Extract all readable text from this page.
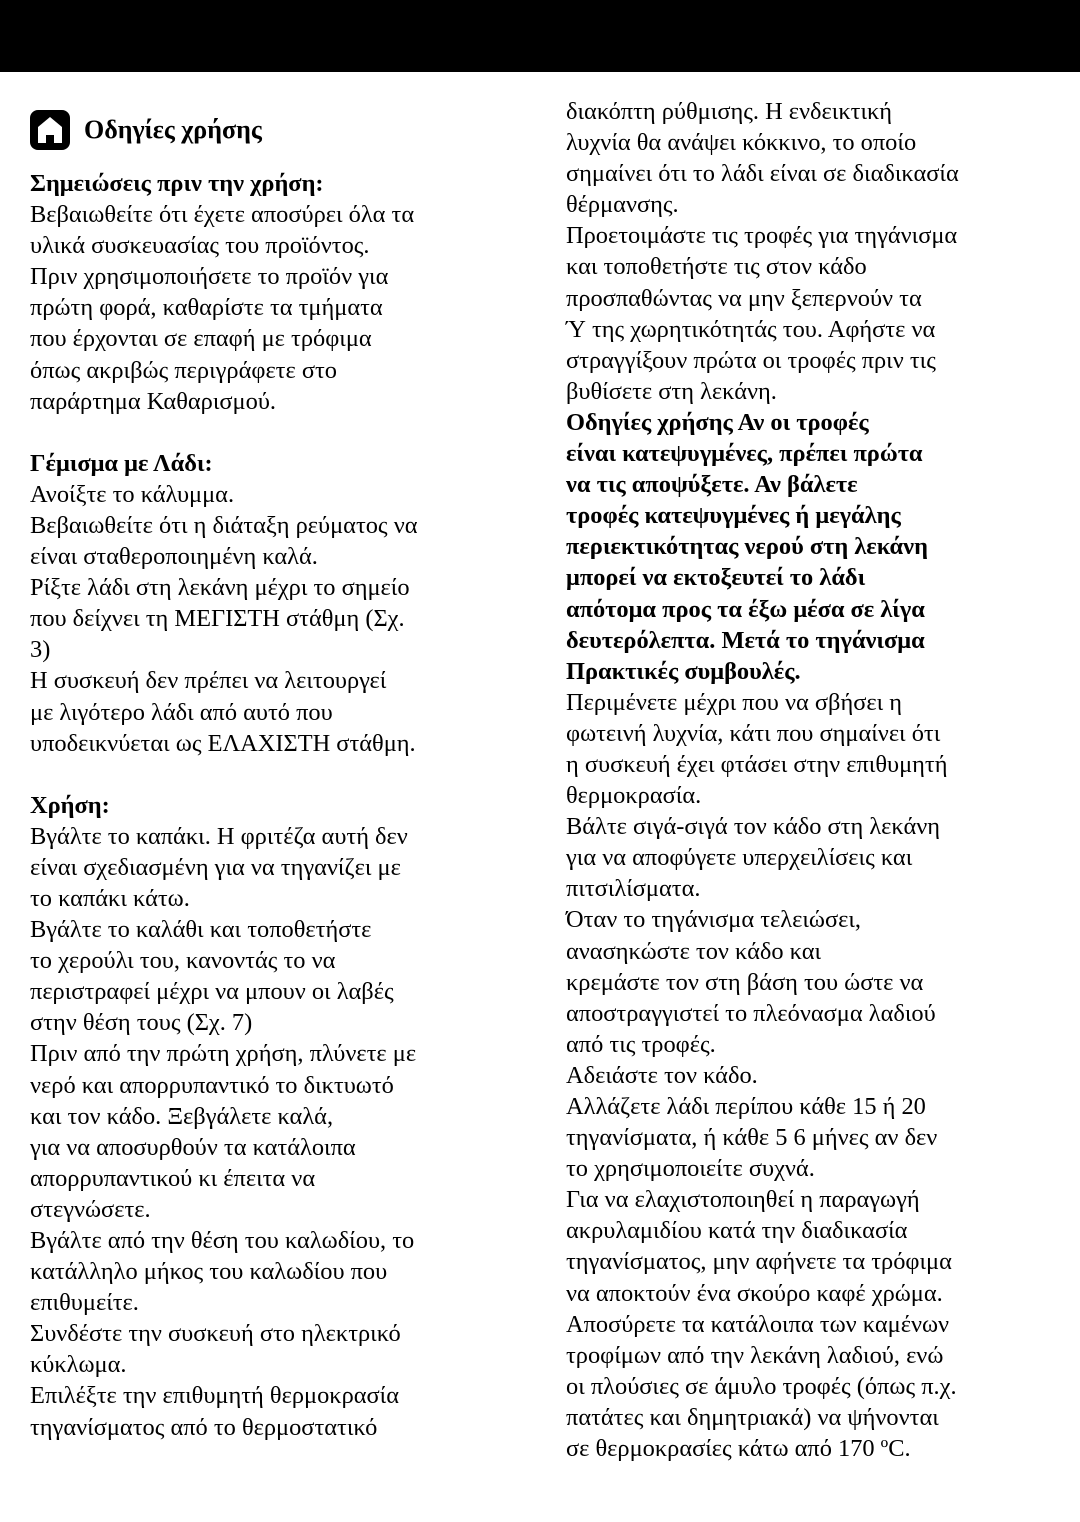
Οδηγίες χρήσης

Σημειώσεις πριν την χρήση:

Βεβαιωθείτε ότι έχετε αποσύρει όλα τα

υλικά συσκευασίας του προϊόντος.

Πριν χρησιμοποιήσετε το προϊόν για

πρώτη φορά, καθαρίστε τα τμήματα

που έρχονται σε επαφή με τρόφιμα

όπως ακριβώς περιγράφετε στο

παράρτημα Καθαρισμού.

Γέμισμα με Λάδι:

Ανοίξτε το κάλυμμα.

Βεβαιωθείτε ότι η διάταξη ρεύματος να

είναι σταθεροποιημένη καλά.

Ρίξτε λάδι στη λεκάνη μέχρι το σημείο

που δείχνει τη ΜΕΓΙΣΤΗ στάθμη (Σχ.

3)

Η συσκευή δεν πρέπει να λειτουργεί

με λιγότερο λάδι από αυτό που

υποδεικνύεται ως ΕΛΑΧΙΣΤΗ στάθμη.

Χρήση:

Βγάλτε το καπάκι. Η φριτέζα αυτή δεν

είναι σχεδιασμένη για να τηγανίζει με

το καπάκι κάτω.

Βγάλτε το καλάθι και τοποθετήστε

το χερούλι του, κανοντάς το να

περιστραφεί μέχρι να μπουν οι λαβές

στην θέση τους (Σχ. 7)

Πριν από την πρώτη χρήση, πλύνετε με

νερό και απορρυπαντικό το δικτυωτό

και τον κάδο. Ξεβγάλετε καλά,

για να αποσυρθούν τα κατάλοιπα

απορρυπαντικού κι έπειτα να

στεγνώσετε.

Βγάλτε από την θέση του καλωδίου, το

κατάλληλο μήκος του καλωδίου που

επιθυμείτε.

Συνδέστε την συσκευή στο ηλεκτρικό

κύκλωμα.

Επιλέξτε την επιθυμητή θερμοκρασία

τηγανίσματος από το θερμοστατικό

διακόπτη ρύθμισης. Η ενδεικτική

λυχνία θα ανάψει κόκκινο, το οποίο

σημαίνει ότι το λάδι είναι σε διαδικασία

θέρμανσης.

Προετοιμάστε τις τροφές για τηγάνισμα

και τοποθετήστε τις στον κάδο

προσπαθώντας να μην ξεπερνούν τα

Ύ της χωρητικότητάς του. Αφήστε να

στραγγίξουν πρώτα οι τροφές πριν τις

βυθίσετε στη λεκάνη.

Οδηγίες χρήσης Αν οι τροφές

είναι κατεψυγμένες, πρέπει πρώτα

να τις αποψύξετε. Αν βάλετε

τροφές κατεψυγμένες ή μεγάλης

περιεκτικότητας νερού στη λεκάνη

μπορεί να εκτοξευτεί το λάδι

απότομα προς τα έξω μέσα σε λίγα

δευτερόλεπτα. Μετά το τηγάνισμα

Πρακτικές συμβουλές.

Περιμένετε μέχρι που να σβήσει η

φωτεινή λυχνία, κάτι που σημαίνει ότι

η συσκευή έχει φτάσει στην επιθυμητή

θερμοκρασία.

Βάλτε σιγά-σιγά τον κάδο στη λεκάνη

για να αποφύγετε υπερχειλίσεις και

πιτσιλίσματα.

Όταν το τηγάνισμα τελειώσει,

ανασηκώστε τον κάδο και

κρεμάστε τον στη βάση του ώστε να

αποστραγγιστεί το πλεόνασμα λαδιού

από τις τροφές.

Αδειάστε τον κάδο.

Αλλάζετε λάδι περίπου κάθε 15 ή 20

τηγανίσματα, ή κάθε 5 6 μήνες αν δεν

το χρησιμοποιείτε συχνά.

Για να ελαχιστοποιηθεί η παραγωγή

ακρυλαμιδίου κατά την διαδικασία

τηγανίσματος, μην αφήνετε τα τρόφιμα

να αποκτούν ένα σκούρο καφέ χρώμα.

Αποσύρετε τα κατάλοιπα των καμένων

τροφίμων από την λεκάνη λαδιού, ενώ

οι πλούσιες σε άμυλο τροφές (όπως π.χ.

πατάτες και δημητριακά) να ψήνονται

σε θερμοκρασίες κάτω από 170 ºC.
